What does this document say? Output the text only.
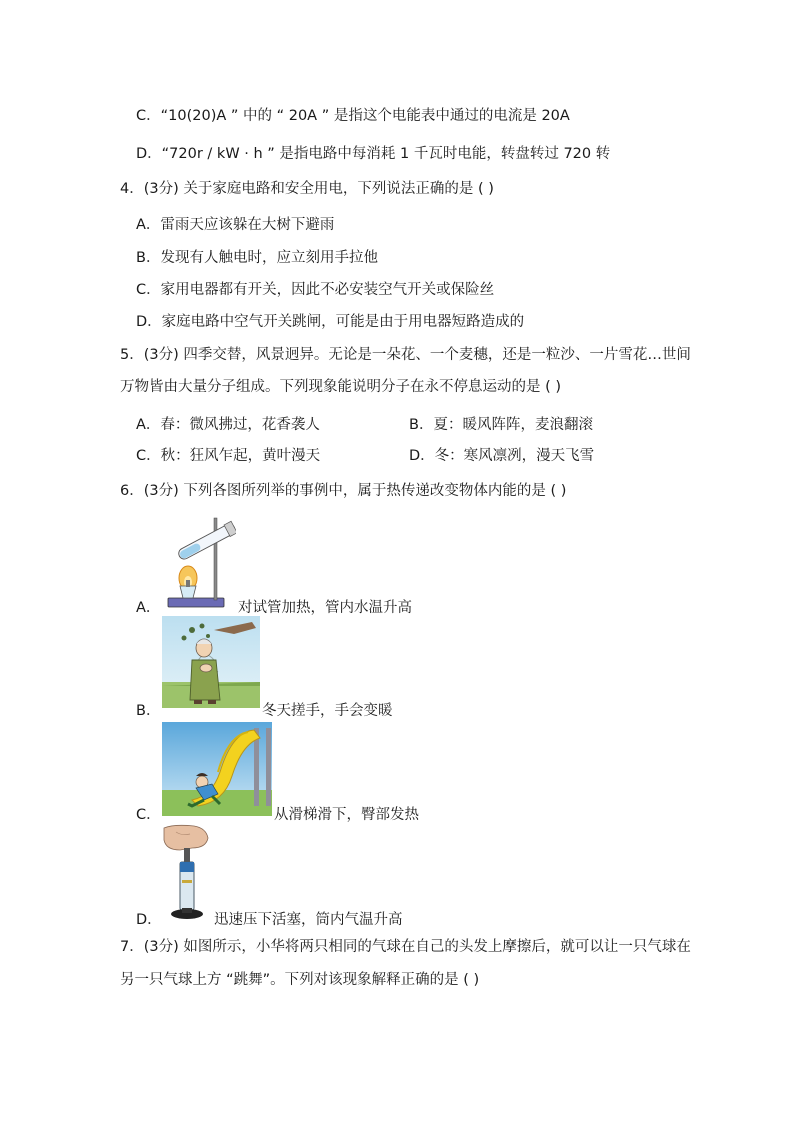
C．“10(20)A ” 中的 “ 20A ” 是指这个电能表中通过的电流是 20A
D．“720r / kW · h ” 是指电路中每消耗 1 千瓦时电能，转盘转过 720 转
4．(3分) 关于家庭电路和安全用电，下列说法正确的是 ( )
A．雷雨天应该躲在大树下避雨
B．发现有人触电时，应立刻用手拉他
C．家用电器都有开关，因此不必安装空气开关或保险丝
D．家庭电路中空气开关跳闸，可能是由于用电器短路造成的
5．(3分) 四季交替，风景迥异。无论是一朵花、一个麦穗，还是一粒沙、一片雪花…世间
万物皆由大量分子组成。下列现象能说明分子在永不停息运动的是 ( )
A．春：微风拂过，花香袭人	B．夏：暖风阵阵，麦浪翻滚
C．秋：狂风乍起，黄叶漫天	D．冬：寒风凛冽，漫天飞雪
6．(3分) 下列各图所列举的事例中，属于热传递改变物体内能的是 ( )
A．	对试管加热，管内水温升高
B．	冬天搓手，手会变暖
C．	从滑梯滑下，臀部发热
D．	迅速压下活塞，筒内气温升高
7．(3分) 如图所示，小华将两只相同的气球在自己的头发上摩擦后，就可以让一只气球在
另一只气球上方 “跳舞”。下列对该现象解释正确的是 ( )
